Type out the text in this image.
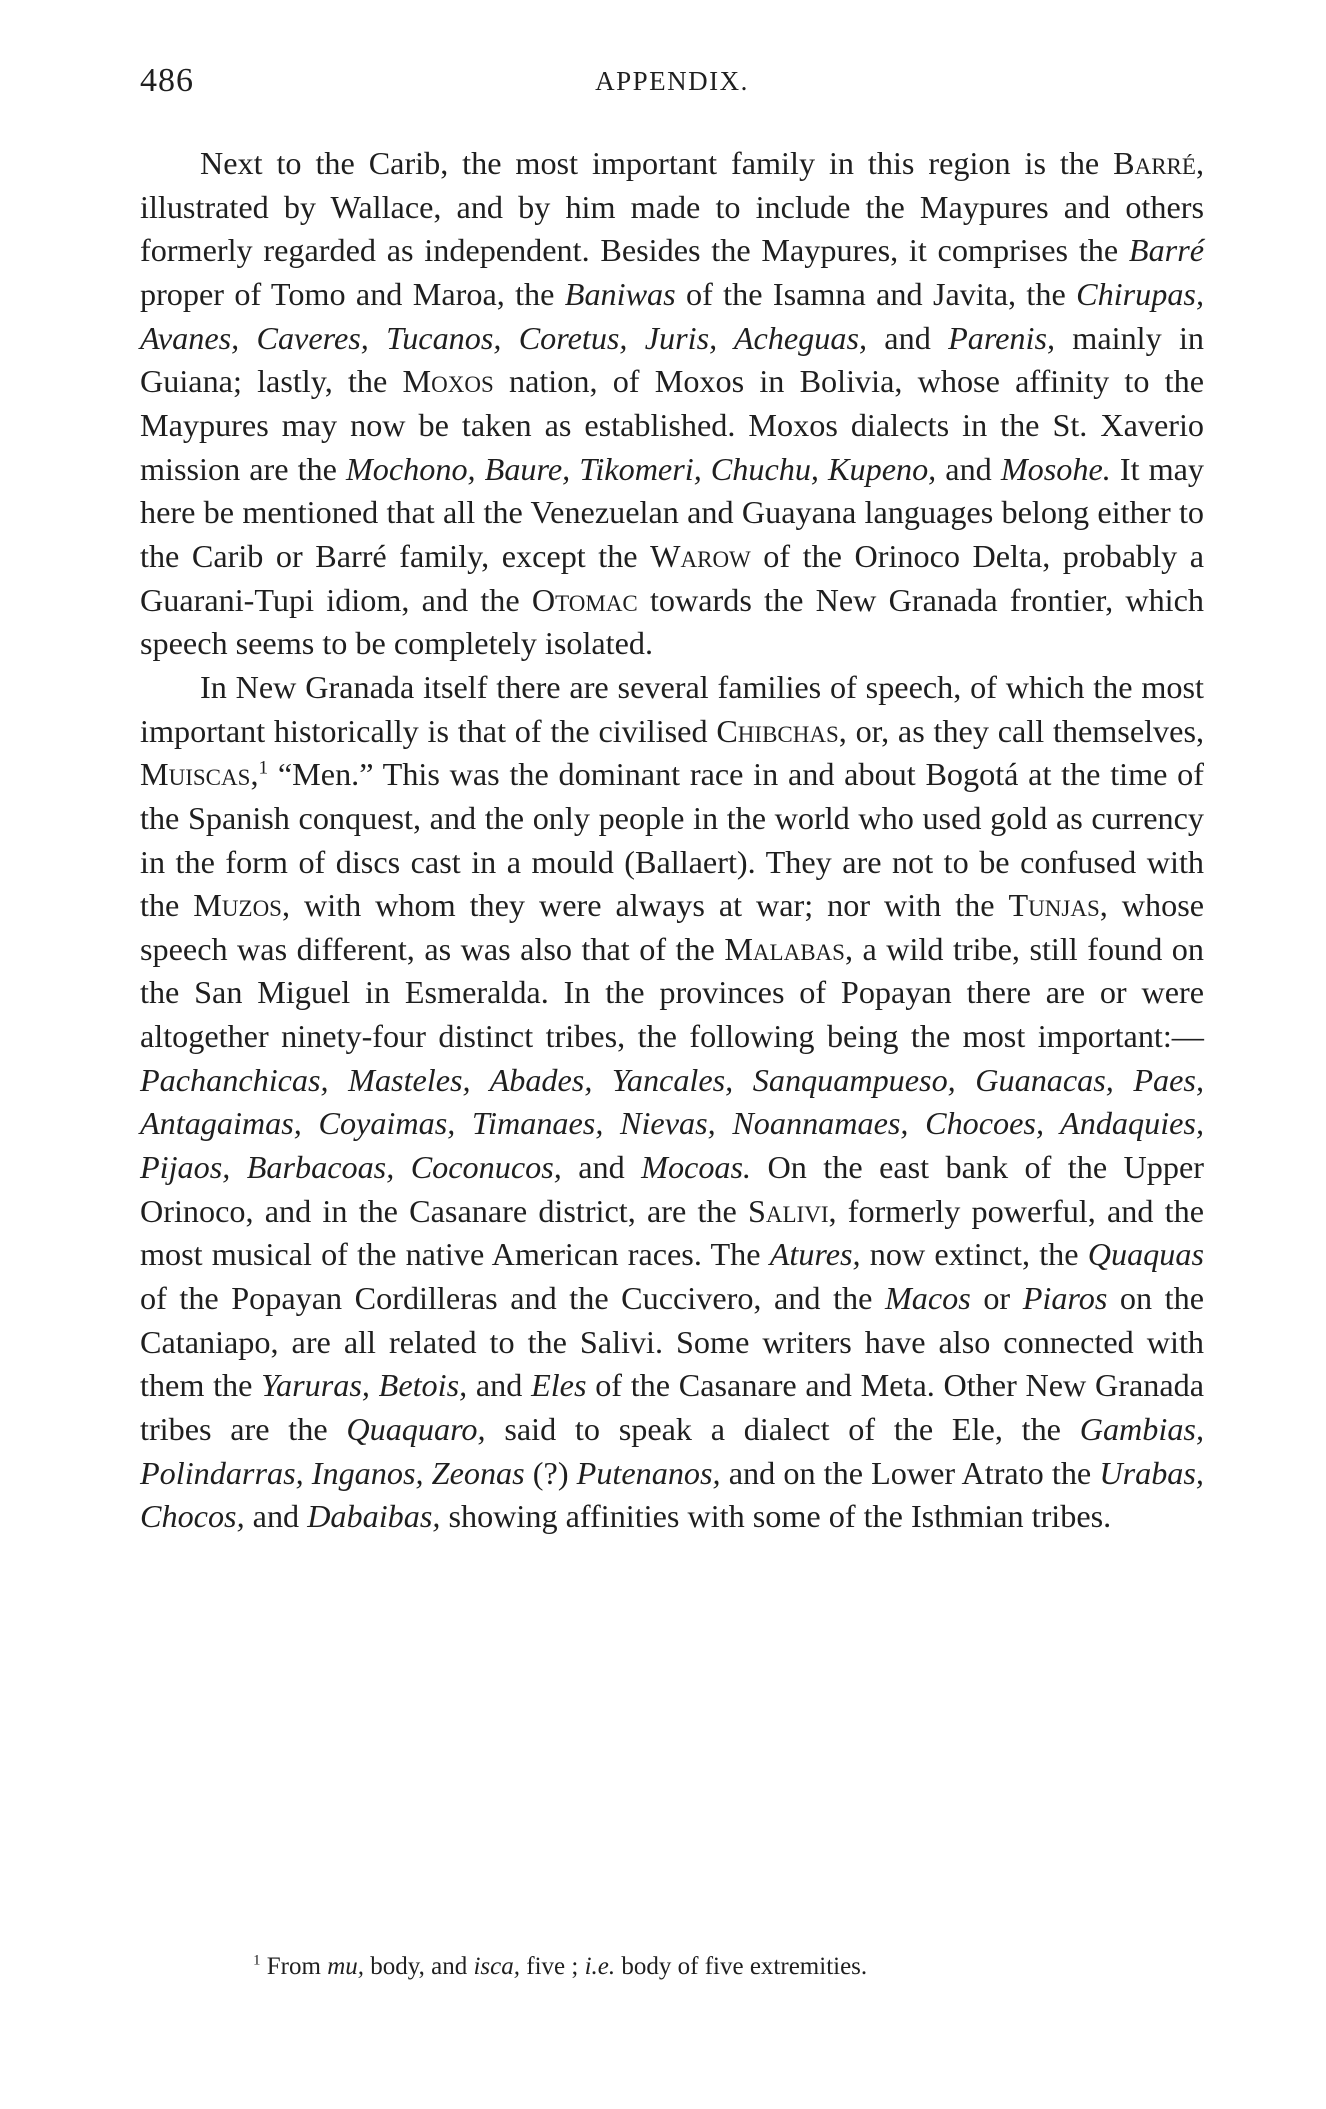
486	APPENDIX.

Next to the Carib, the most important family in this region is the Barré, illustrated by Wallace, and by him made to include the Maypures and others formerly regarded as independent. Besides the Maypures, it comprises the Barré proper of Tomo and Maroa, the Baniwas of the Isamna and Javita, the Chirupas, Avanes, Caveres, Tucanos, Coretus, Juris, Acheguas, and Parenis, mainly in Guiana; lastly, the Moxos nation, of Moxos in Bolivia, whose affinity to the Maypures may now be taken as established. Moxos dialects in the St. Xaverio mission are the Mochono, Baure, Tikomeri, Chuchu, Kupeno, and Mosohe. It may here be mentioned that all the Venezuelan and Guayana languages belong either to the Carib or Barré family, except the Warow of the Orinoco Delta, probably a Guarani-Tupi idiom, and the Otomac towards the New Granada frontier, which speech seems to be completely isolated.

In New Granada itself there are several families of speech, of which the most important historically is that of the civilised Chibchas, or, as they call themselves, Muiscas,$^1$ “Men.” This was the dominant race in and about Bogotá at the time of the Spanish conquest, and the only people in the world who used gold as currency in the form of discs cast in a mould (Ballaert). They are not to be confused with the Muzos, with whom they were always at war; nor with the Tunjas, whose speech was different, as was also that of the Malabas, a wild tribe, still found on the San Miguel in Esmeralda. In the provinces of Popayan there are or were altogether ninety-four distinct tribes, the following being the most important:—Pachanchicas, Masteles, Abades, Yancales, Sanquampueso, Guanacas, Paes, Antagaimas, Coyaimas, Timanaes, Nievas, Noannamaes, Chocoes, Andaquies, Pijaos, Barbacoas, Coconucos, and Mocoas. On the east bank of the Upper Orinoco, and in the Casanare district, are the Salivi, formerly powerful, and the most musical of the native American races. The Atures, now extinct, the Quaquas of the Popayan Cordilleras and the Cuccivero, and the Macos or Piaros on the Cataniapo, are all related to the Salivi. Some writers have also connected with them the Yaruras, Betois, and Eles of the Casanare and Meta. Other New Granada tribes are the Quaquaro, said to speak a dialect of the Ele, the Gambias, Polindarras, Inganos, Zeonas (?) Putenanos, and on the Lower Atrato the Urabas, Chocos, and Dabaibas, showing affinities with some of the Isthmian tribes.

$^1$ From mu, body, and isca, five ; i.e. body of five extremities.
